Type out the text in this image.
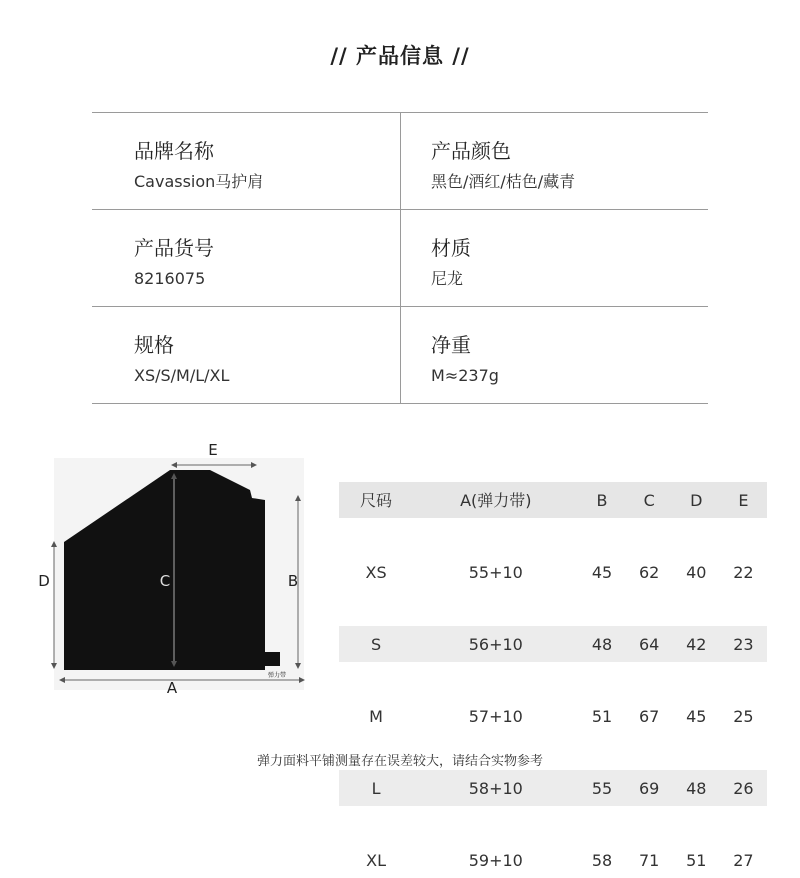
// 产品信息 //
品牌名称
Cavassion马护肩
产品颜色
黑色/酒红/桔色/藏青
产品货号
8216075
材质
尼龙
规格
XS/S/M/L/XL
净重
M≈237g
E
C
D	B
A
弹力带
尺码	A(弹力带)	B	C	D	E

XS	55+10	45	62	40	22

S	56+10	48	64	42	23

M	57+10	51	67	45	25

L	58+10	55	69	48	26

XL	59+10	58	71	51	27
弹力面料平铺测量存在误差较大，请结合实物参考
